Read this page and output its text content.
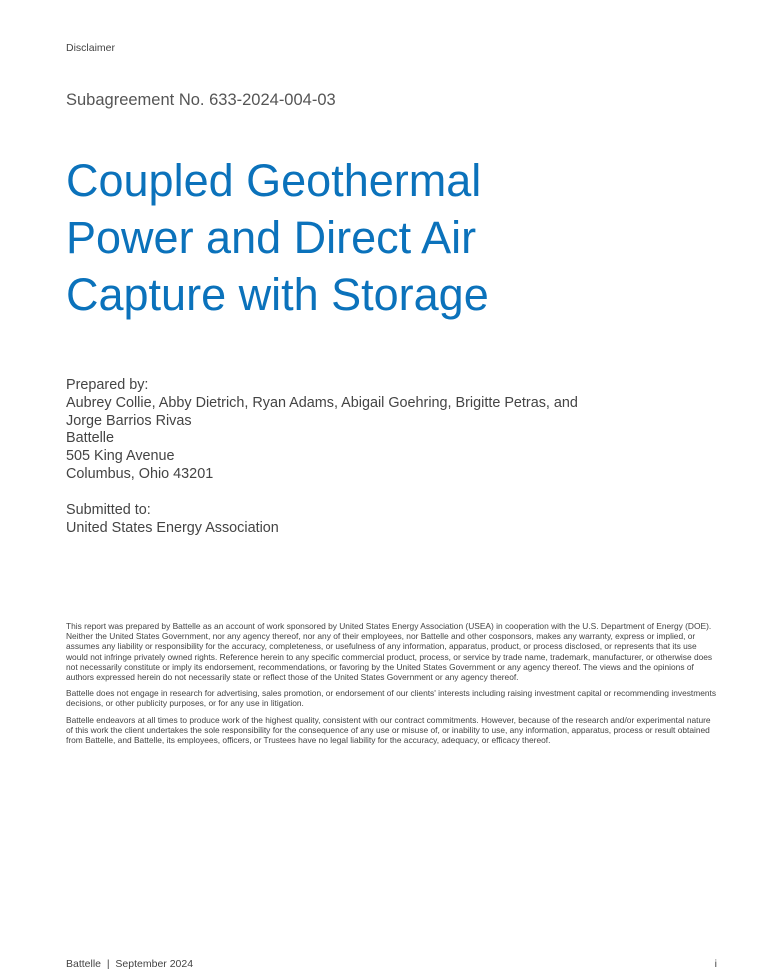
Disclaimer
Subagreement No. 633-2024-004-03
Coupled Geothermal
Power and Direct Air
Capture with Storage
Prepared by:
Aubrey Collie, Abby Dietrich, Ryan Adams, Abigail Goehring, Brigitte Petras, and
Jorge Barrios Rivas
Battelle
505 King Avenue
Columbus, Ohio 43201
Submitted to:
United States Energy Association

This report was prepared by Battelle as an account of work sponsored by United States Energy Association (USEA) in cooperation with the U.S. Department of Energy (DOE). Neither the United States Government, nor any agency thereof, nor any of their employees, nor Battelle and other cosponsors, makes any warranty, express or implied, or assumes any liability or responsibility for the accuracy, completeness, or usefulness of any information, apparatus, product, or process disclosed, or represents that its use would not infringe privately owned rights. Reference herein to any specific commercial product, process, or service by trade name, trademark, manufacturer, or otherwise does not necessarily constitute or imply its endorsement, recommendations, or favoring by the United States Government or any agency thereof. The views and the opinions of authors expressed herein do not necessarily state or reflect those of the United States Government or any agency thereof.

Battelle does not engage in research for advertising, sales promotion, or endorsement of our clients' interests including raising investment capital or recommending investments decisions, or other publicity purposes, or for any use in litigation.

Battelle endeavors at all times to produce work of the highest quality, consistent with our contract commitments. However, because of the research and/or experimental nature of this work the client undertakes the sole responsibility for the consequence of any use or misuse of, or inability to use, any information, apparatus, process or result obtained from Battelle, and Battelle, its employees, officers, or Trustees have no legal liability for the accuracy, adequacy, or efficacy thereof.

Battelle  |  September 2024	i
